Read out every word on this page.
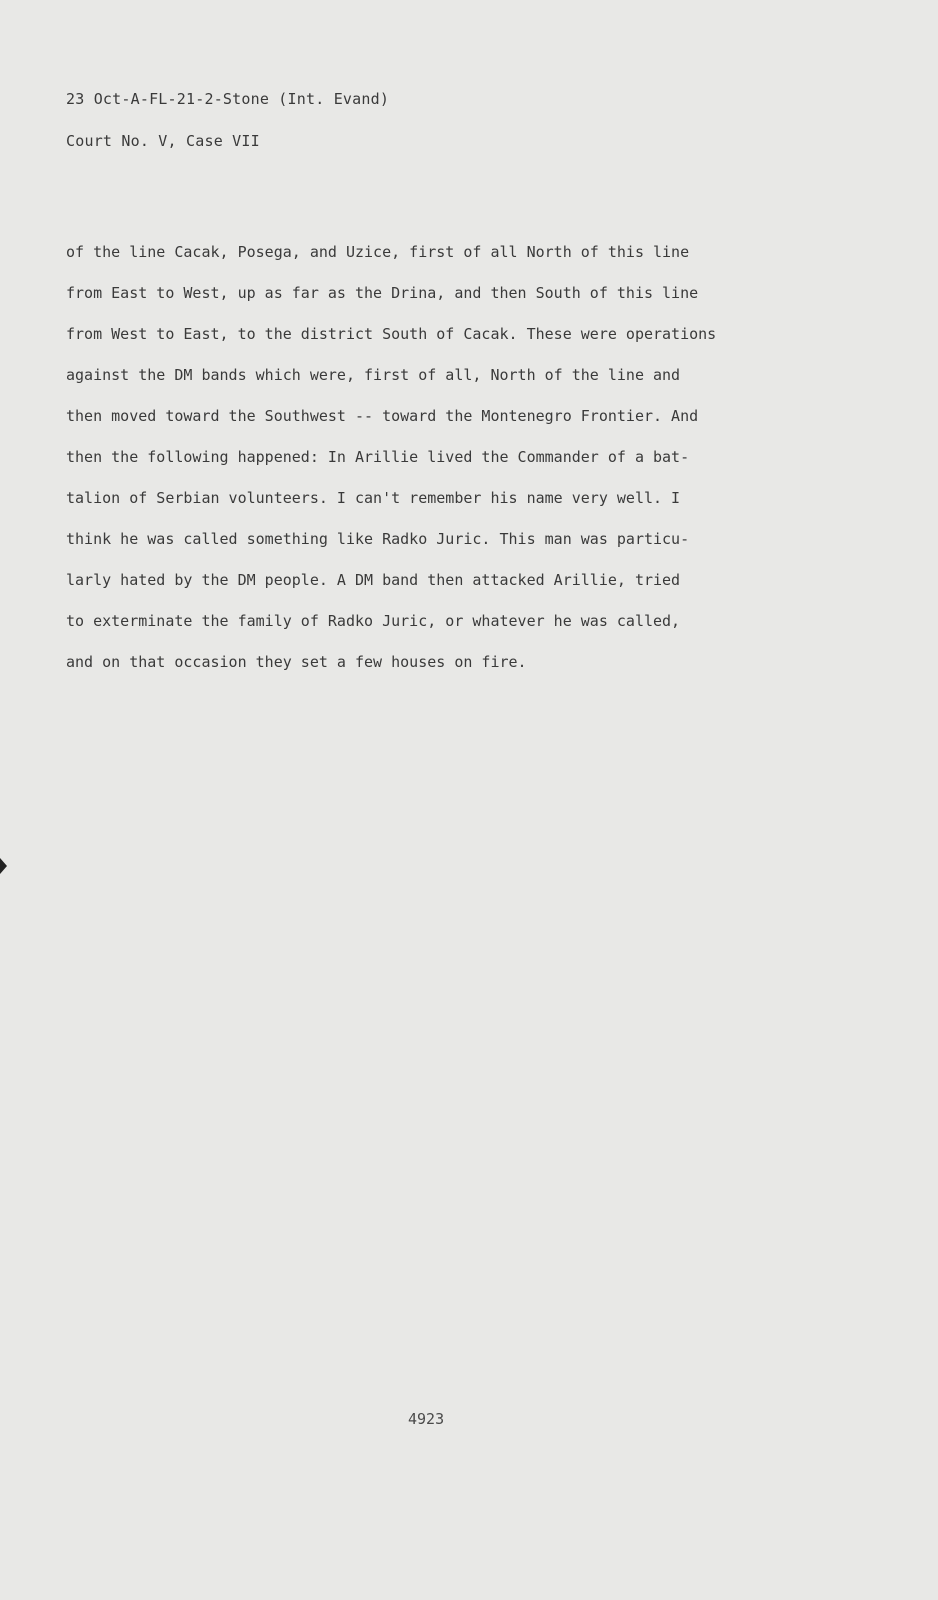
23 Oct-A-FL-21-2-Stone (Int. Evand)
Court No. V, Case VII
of the line Cacak, Posega, and Uzice, first of all North of this line
from East to West, up as far as the Drina, and then South of this line
from West to East, to the district South of Cacak. These were operations
against the DM bands which were, first of all, North of the line and
then moved toward the Southwest -- toward the Montenegro Frontier. And
then the following happened: In Arillie lived the Commander of a bat-
talion of Serbian volunteers. I can't remember his name very well. I
think he was called something like Radko Juric. This man was particu-
larly hated by the DM people. A DM band then attacked Arillie, tried
to exterminate the family of Radko Juric, or whatever he was called,
and on that occasion they set a few houses on fire.
4923
